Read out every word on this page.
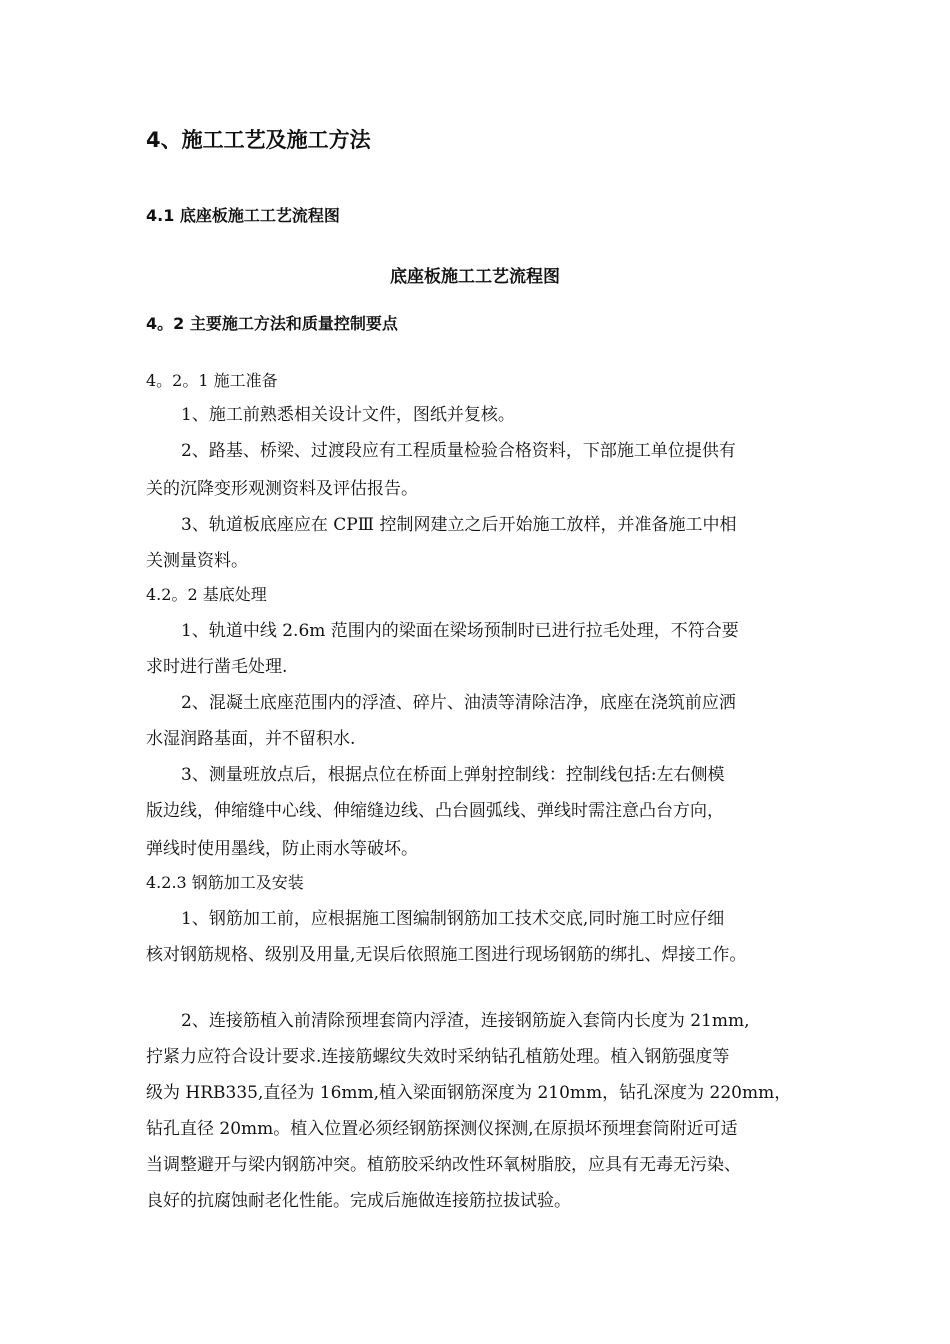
4、施工工艺及施工方法
4.1 底座板施工工艺流程图
底座板施工工艺流程图
4。2 主要施工方法和质量控制要点
4。2。1 施工准备
1、施工前熟悉相关设计文件，图纸并复核。
2、路基、桥梁、过渡段应有工程质量检验合格资料，下部施工单位提供有
关的沉降变形观测资料及评估报告。
3、轨道板底座应在 CPⅢ 控制网建立之后开始施工放样，并准备施工中相
关测量资料。
4.2。2 基底处理
1、轨道中线 2.6m 范围内的梁面在梁场预制时已进行拉毛处理，不符合要
求时进行凿毛处理.
2、混凝土底座范围内的浮渣、碎片、油渍等清除洁净，底座在浇筑前应洒
水湿润路基面，并不留积水.
3、测量班放点后，根据点位在桥面上弹射控制线：控制线包括:左右侧模
版边线，伸缩缝中心线、伸缩缝边线、凸台圆弧线、弹线时需注意凸台方向，
弹线时使用墨线，防止雨水等破坏。
4.2.3 钢筋加工及安装
1、钢筋加工前，应根据施工图编制钢筋加工技术交底,同时施工时应仔细
核对钢筋规格、级别及用量,无误后依照施工图进行现场钢筋的绑扎、焊接工作。
2、连接筋植入前清除预埋套筒内浮渣，连接钢筋旋入套筒内长度为 21mm,
拧紧力应符合设计要求.连接筋螺纹失效时采纳钻孔植筋处理。植入钢筋强度等
级为 HRB335,直径为 16mm,植入梁面钢筋深度为 210mm，钻孔深度为 220mm，
钻孔直径 20mm。植入位置必须经钢筋探测仪探测,在原损坏预埋套筒附近可适
当调整避开与梁内钢筋冲突。植筋胶采纳改性环氧树脂胶，应具有无毒无污染、
良好的抗腐蚀耐老化性能。完成后施做连接筋拉拔试验。
